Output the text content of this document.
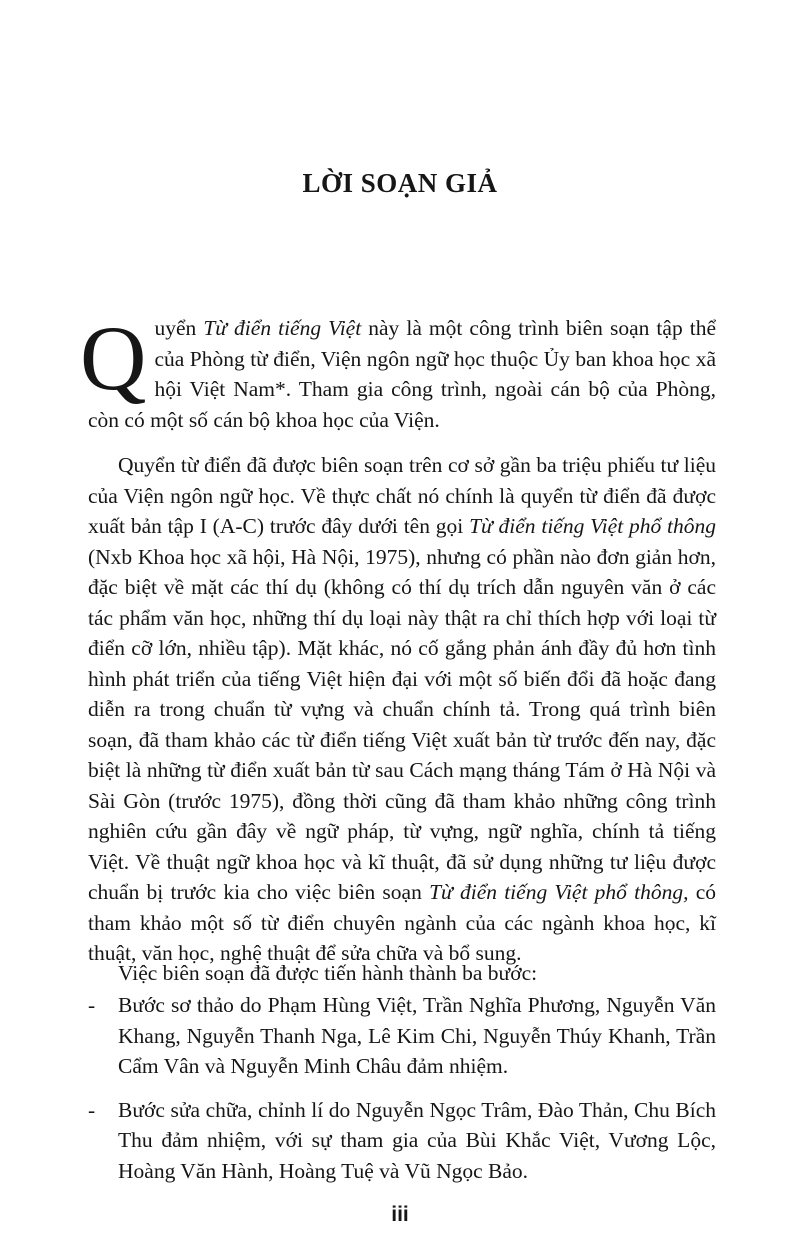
LỜI SOẠN GIẢ

Quyển Từ điển tiếng Việt này là một công trình biên soạn tập thể của Phòng từ điển, Viện ngôn ngữ học thuộc Ủy ban khoa học xã hội Việt Nam*. Tham gia công trình, ngoài cán bộ của Phòng, còn có một số cán bộ khoa học của Viện.

Quyển từ điển đã được biên soạn trên cơ sở gần ba triệu phiếu tư liệu của Viện ngôn ngữ học. Về thực chất nó chính là quyển từ điển đã được xuất bản tập I (A-C) trước đây dưới tên gọi Từ điển tiếng Việt phổ thông (Nxb Khoa học xã hội, Hà Nội, 1975), nhưng có phần nào đơn giản hơn, đặc biệt về mặt các thí dụ (không có thí dụ trích dẫn nguyên văn ở các tác phẩm văn học, những thí dụ loại này thật ra chỉ thích hợp với loại từ điển cỡ lớn, nhiều tập). Mặt khác, nó cố gắng phản ánh đầy đủ hơn tình hình phát triển của tiếng Việt hiện đại với một số biến đổi đã hoặc đang diễn ra trong chuẩn từ vựng và chuẩn chính tả. Trong quá trình biên soạn, đã tham khảo các từ điển tiếng Việt xuất bản từ trước đến nay, đặc biệt là những từ điển xuất bản từ sau Cách mạng tháng Tám ở Hà Nội và Sài Gòn (trước 1975), đồng thời cũng đã tham khảo những công trình nghiên cứu gần đây về ngữ pháp, từ vựng, ngữ nghĩa, chính tả tiếng Việt. Về thuật ngữ khoa học và kĩ thuật, đã sử dụng những tư liệu được chuẩn bị trước kia cho việc biên soạn Từ điển tiếng Việt phổ thông, có tham khảo một số từ điển chuyên ngành của các ngành khoa học, kĩ thuật, văn học, nghệ thuật để sửa chữa và bổ sung.

Việc biên soạn đã được tiến hành thành ba bước:

- Bước sơ thảo do Phạm Hùng Việt, Trần Nghĩa Phương, Nguyễn Văn Khang, Nguyễn Thanh Nga, Lê Kim Chi, Nguyễn Thúy Khanh, Trần Cẩm Vân và Nguyễn Minh Châu đảm nhiệm.
- Bước sửa chữa, chỉnh lí do Nguyễn Ngọc Trâm, Đào Thản, Chu Bích Thu đảm nhiệm, với sự tham gia của Bùi Khắc Việt, Vương Lộc, Hoàng Văn Hành, Hoàng Tuệ và Vũ Ngọc Bảo.
iii
